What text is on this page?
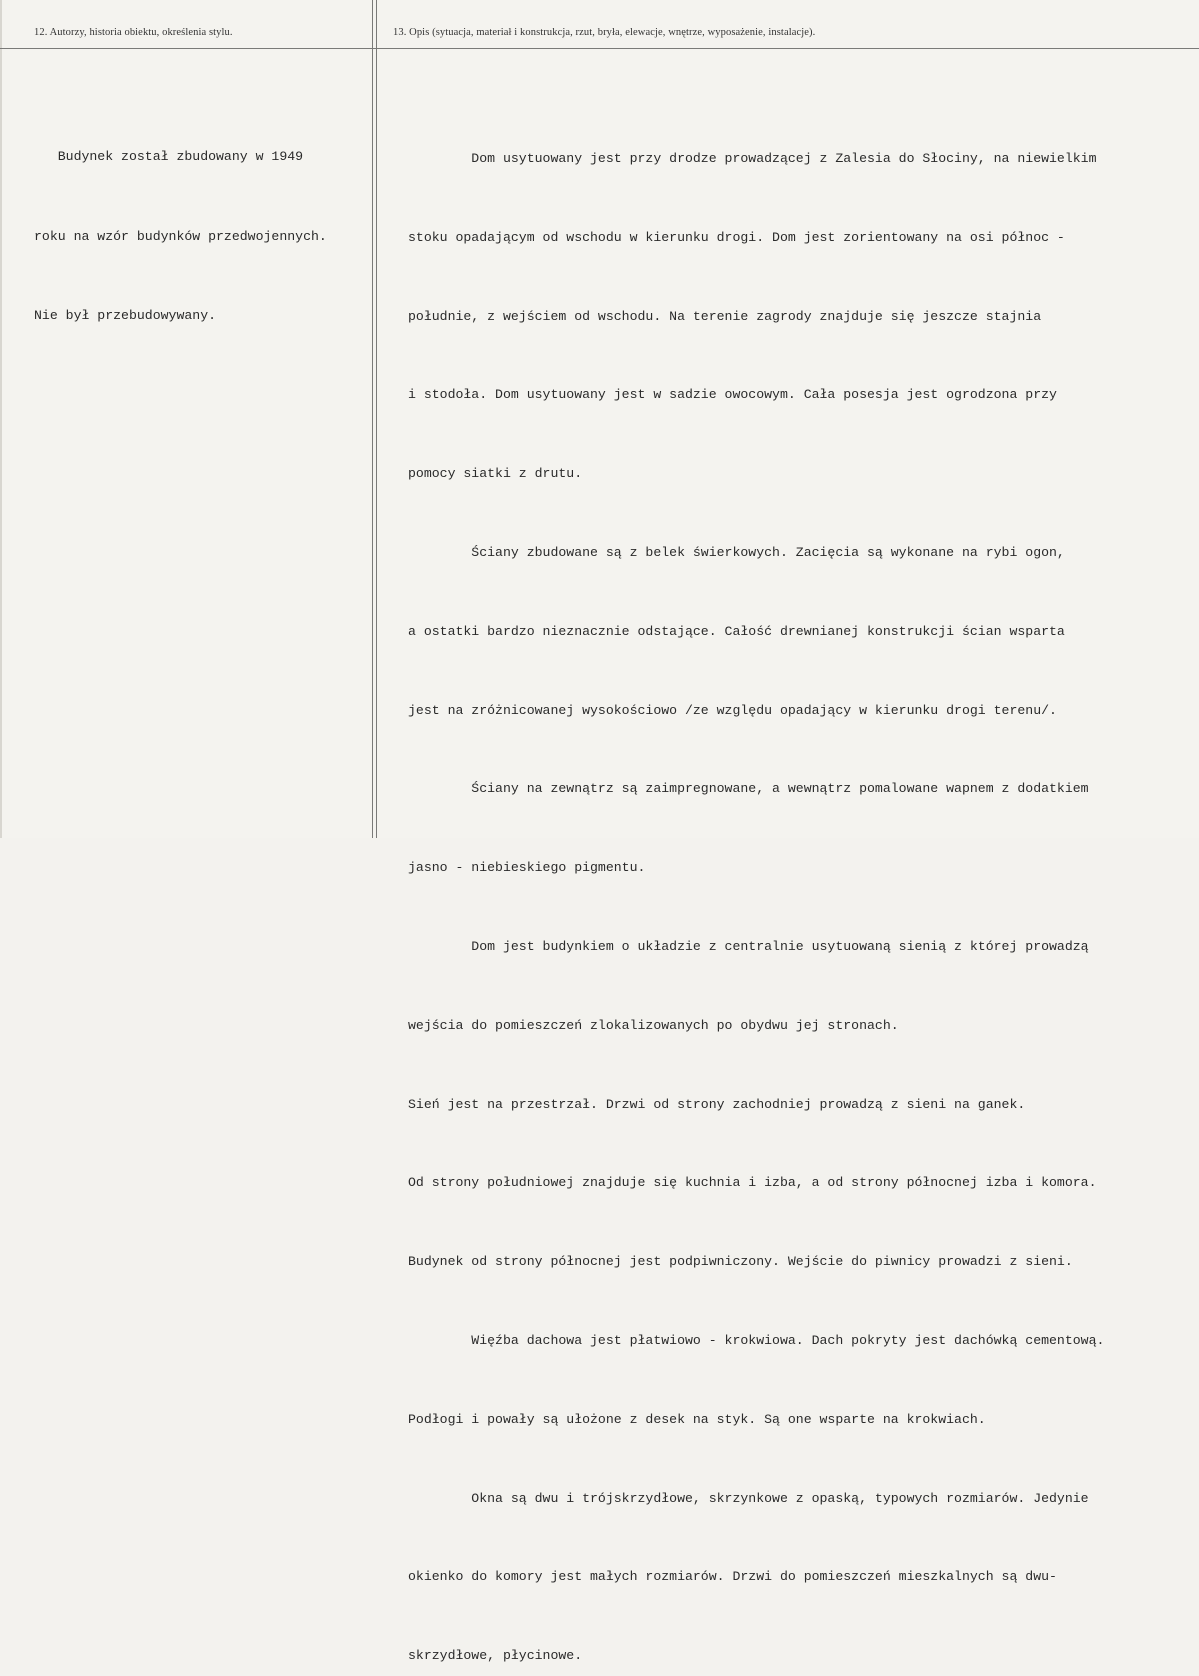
12. Autorzy, historia obiektu, określenia stylu.	13. Opis (sytuacja, materiał i konstrukcja, rzut, bryła, elewacje, wnętrze, wyposażenie, instalacje).

Budynek został zbudowany w 1949

roku na wzór budynków przedwojennych.

Nie był przebudowywany.

Dom usytuowany jest przy drodze prowadzącej z Zalesia do Słociny, na niewielkim

stoku opadającym od wschodu w kierunku drogi. Dom jest zorientowany na osi północ -

południe, z wejściem od wschodu. Na terenie zagrody znajduje się jeszcze stajnia

i stodoła. Dom usytuowany jest w sadzie owocowym. Cała posesja jest ogrodzona przy

pomocy siatki z drutu.

Ściany zbudowane są z belek świerkowych. Zacięcia są wykonane na rybi ogon,

a ostatki bardzo nieznacznie odstające. Całość drewnianej konstrukcji ścian wsparta

jest na zróżnicowanej wysokościowo /ze względu opadający w kierunku drogi terenu/.

Ściany na zewnątrz są zaimpregnowane, a wewnątrz pomalowane wapnem z dodatkiem

jasno - niebieskiego pigmentu.

Dom jest budynkiem o układzie z centralnie usytuowaną sienią z której prowadzą

wejścia do pomieszczeń zlokalizowanych po obydwu jej stronach.

Sień jest na przestrzał. Drzwi od strony zachodniej prowadzą z sieni na ganek.

Od strony południowej znajduje się kuchnia i izba, a od strony północnej izba i komora.

Budynek od strony północnej jest podpiwniczony. Wejście do piwnicy prowadzi z sieni.

Więźba dachowa jest płatwiowo - krokwiowa. Dach pokryty jest dachówką cementową.

Podłogi i powały są ułożone z desek na styk. Są one wsparte na krokwiach.

Okna są dwu i trójskrzydłowe, skrzynkowe z opaską, typowych rozmiarów. Jedynie

okienko do komory jest małych rozmiarów. Drzwi do pomieszczeń mieszkalnych są dwu-

skrzydłowe, płycinowe.
